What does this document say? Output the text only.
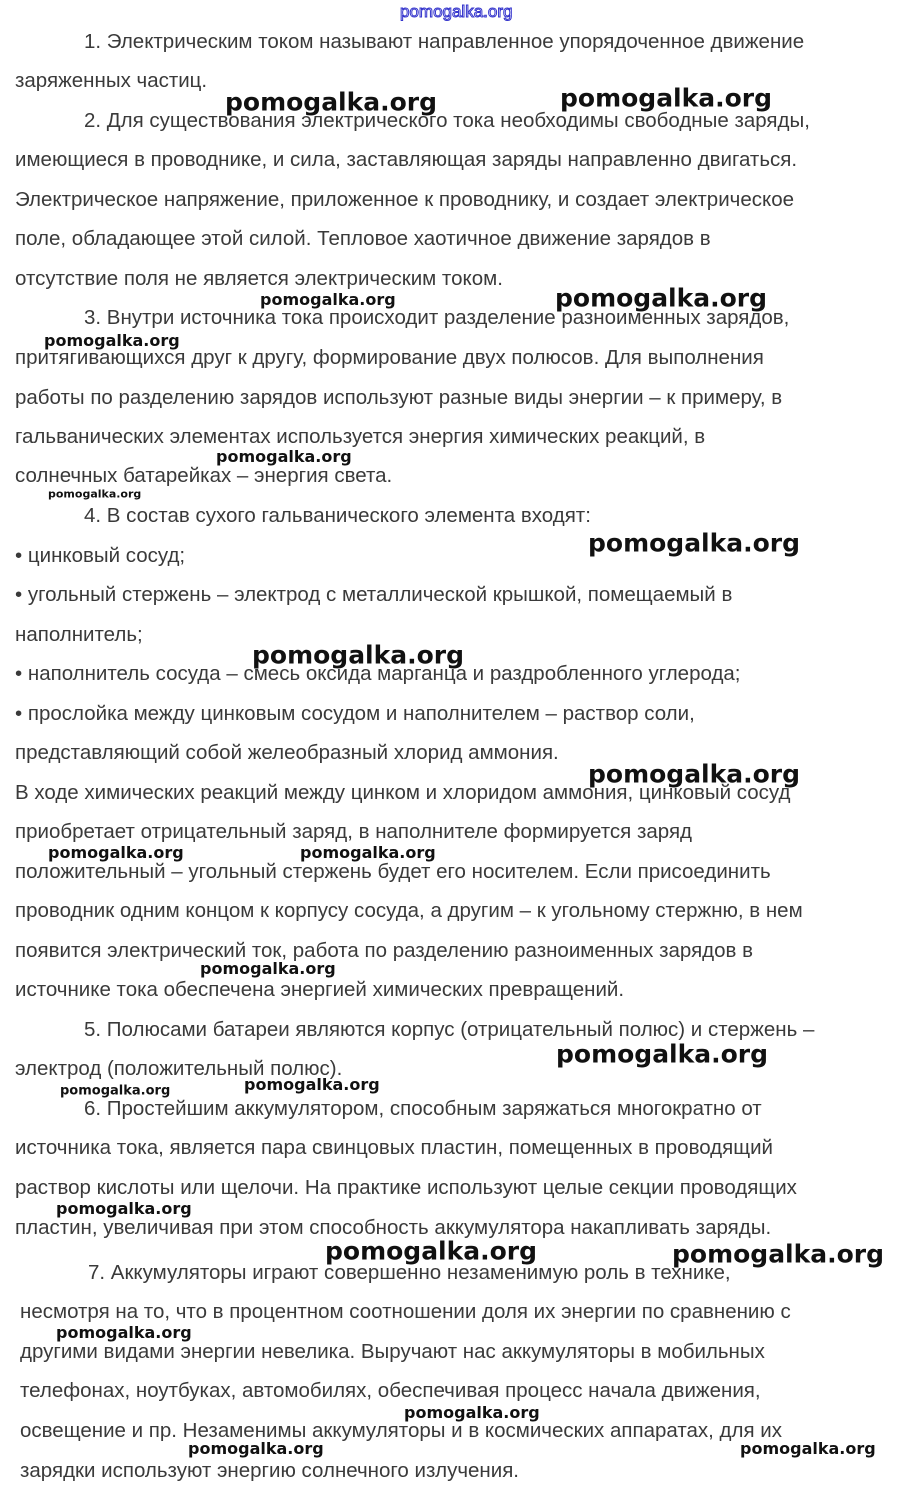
pomogalka.org
1. Электрическим током называют направленное упорядоченное движение
заряженных частиц.
2. Для существования электрического тока необходимы свободные заряды,
имеющиеся в проводнике, и сила, заставляющая заряды направленно двигаться.
Электрическое напряжение, приложенное к проводнику, и создает электрическое
поле, обладающее этой силой. Тепловое хаотичное движение зарядов в
отсутствие поля не является электрическим током.
3. Внутри источника тока происходит разделение разноименных зарядов,
притягивающихся друг к другу, формирование двух полюсов. Для выполнения
работы по разделению зарядов используют разные виды энергии – к примеру, в
гальванических элементах используется энергия химических реакций, в
солнечных батарейках – энергия света.
4. В состав сухого гальванического элемента входят:
• цинковый сосуд;
• угольный стержень – электрод с металлической крышкой, помещаемый в
наполнитель;
• наполнитель сосуда – смесь оксида марганца и раздробленного углерода;
• прослойка между цинковым сосудом и наполнителем – раствор соли,
представляющий собой желеобразный хлорид аммония.
В ходе химических реакций между цинком и хлоридом аммония, цинковый сосуд
приобретает отрицательный заряд, в наполнителе формируется заряд
положительный – угольный стержень будет его носителем. Если присоединить
проводник одним концом к корпусу сосуда, а другим – к угольному стержню, в нем
появится электрический ток, работа по разделению разноименных зарядов в
источнике тока обеспечена энергией химических превращений.
5. Полюсами батареи являются корпус (отрицательный полюс) и стержень –
электрод (положительный полюс).
6. Простейшим аккумулятором, способным заряжаться многократно от
источника тока, является пара свинцовых пластин, помещенных в проводящий
раствор кислоты или щелочи. На практике используют целые секции проводящих
пластин, увеличивая при этом способность аккумулятора накапливать заряды.
7. Аккумуляторы играют совершенно незаменимую роль в технике,
несмотря на то, что в процентном соотношении доля их энергии по сравнению с
другими видами энергии невелика. Выручают нас аккумуляторы в мобильных
телефонах, ноутбуках, автомобилях, обеспечивая процесс начала движения,
освещение и пр. Незаменимы аккумуляторы и в космических аппаратах, для их
зарядки используют энергию солнечного излучения.
pomogalka.org	pomogalka.org
pomogalka.org
pomogalka.org
pomogalka.org
pomogalka.org
pomogalka.org
pomogalka.org	pomogalka.org
pomogalka.org
pomogalka.org
pomogalka.org
pomogalka.org
pomogalka.org	pomogalka.org
pomogalka.org
pomogalka.org	pomogalka.org
pomogalka.org
pomogalka.org
pomogalka.org
pomogalka.org	pomogalka.org
